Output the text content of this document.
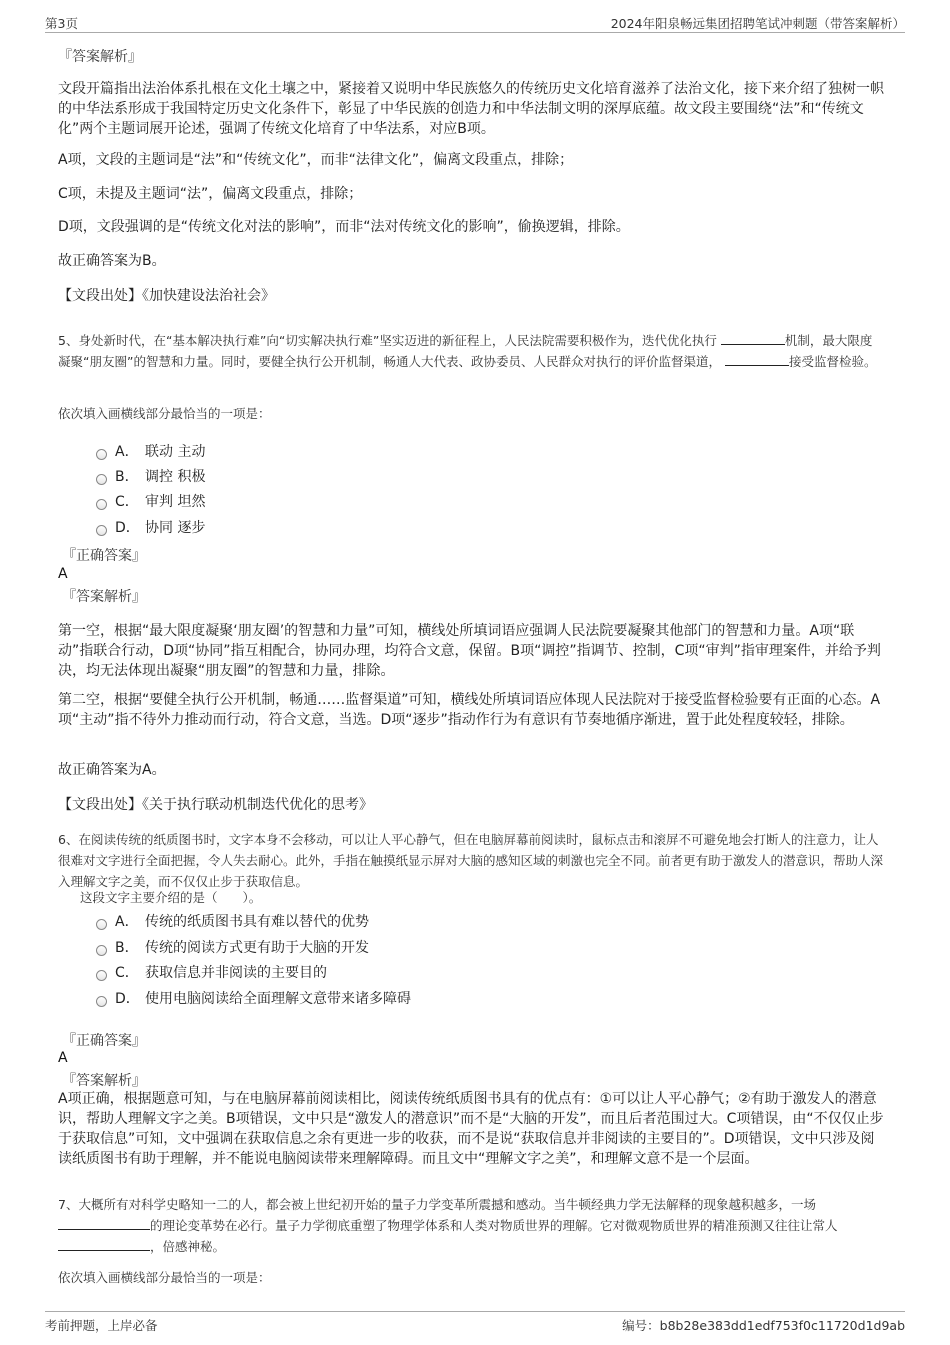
第3页	2024年阳泉畅远集团招聘笔试冲刺题（带答案解析）
『答案解析』
文段开篇指出法治体系扎根在文化土壤之中，紧接着又说明中华民族悠久的传统历史文化培育滋养了法治文化，接下来介绍了独树一帜的中华法系形成于我国特定历史文化条件下，彰显了中华民族的创造力和中华法制文明的深厚底蕴。故文段主要围绕“法”和“传统文化”两个主题词展开论述，强调了传统文化培育了中华法系，对应B项。
A项，文段的主题词是“法”和“传统文化”，而非“法律文化”，偏离文段重点，排除；
C项，未提及主题词“法”，偏离文段重点，排除；
D项，文段强调的是“传统文化对法的影响”，而非“法对传统文化的影响”，偷换逻辑，排除。
故正确答案为B。
【文段出处】《加快建设法治社会》
5、身处新时代，在“基本解决执行难”向“切实解决执行难”坚实迈进的新征程上，人民法院需要积极作为，迭代优化执行	机制，最大限度凝聚“朋友圈”的智慧和力量。同时，要健全执行公开机制，畅通人大代表、政协委员、人民群众对执行的评价监督渠道，	接受监督检验。
依次填入画横线部分最恰当的一项是：
A． 联动 主动
B． 调控 积极
C． 审判 坦然
D． 协同 逐步
『正确答案』
A
『答案解析』
第一空，根据“最大限度凝聚‘朋友圈’的智慧和力量”可知，横线处所填词语应强调人民法院要凝聚其他部门的智慧和力量。A项“联动”指联合行动，D项“协同”指互相配合，协同办理，均符合文意，保留。B项“调控”指调节、控制，C项“审判”指审理案件，并给予判决，均无法体现出凝聚“朋友圈”的智慧和力量，排除。
第二空，根据“要健全执行公开机制，畅通……监督渠道”可知，横线处所填词语应体现人民法院对于接受监督检验要有正面的心态。A项“主动”指不待外力推动而行动，符合文意，当选。D项“逐步”指动作行为有意识有节奏地循序渐进，置于此处程度较轻，排除。
故正确答案为A。
【文段出处】《关于执行联动机制迭代优化的思考》
6、在阅读传统的纸质图书时，文字本身不会移动，可以让人平心静气，但在电脑屏幕前阅读时，鼠标点击和滚屏不可避免地会打断人的注意力，让人很难对文字进行全面把握，令人失去耐心。此外，手指在触摸纸显示屏对大脑的感知区域的刺激也完全不同。前者更有助于激发人的潜意识，帮助人深入理解文字之美，而不仅仅止步于获取信息。
这段文字主要介绍的是（　　）。
A． 传统的纸质图书具有难以替代的优势
B． 传统的阅读方式更有助于大脑的开发
C． 获取信息并非阅读的主要目的
D． 使用电脑阅读给全面理解文意带来诸多障碍
『正确答案』
A
『答案解析』
A项正确，根据题意可知，与在电脑屏幕前阅读相比，阅读传统纸质图书具有的优点有：①可以让人平心静气；②有助于激发人的潜意识，帮助人理解文字之美。B项错误，文中只是“激发人的潜意识”而不是“大脑的开发”，而且后者范围过大。C项错误，由“不仅仅止步于获取信息”可知，文中强调在获取信息之余有更进一步的收获，而不是说“获取信息并非阅读的主要目的”。D项错误，文中只涉及阅读纸质图书有助于理解，并不能说电脑阅读带来理解障碍。而且文中“理解文字之美”，和理解文意不是一个层面。
7、大概所有对科学史略知一二的人，都会被上世纪初开始的量子力学变革所震撼和感动。当牛顿经典力学无法解释的现象越积越多，一场
的理论变革势在必行。量子力学彻底重塑了物理学体系和人类对物质世界的理解。它对微观物质世界的精准预测又往往让常人
，倍感神秘。
依次填入画横线部分最恰当的一项是：
考前押题，上岸必备	编号：b8b28e383dd1edf753f0c11720d1d9ab
